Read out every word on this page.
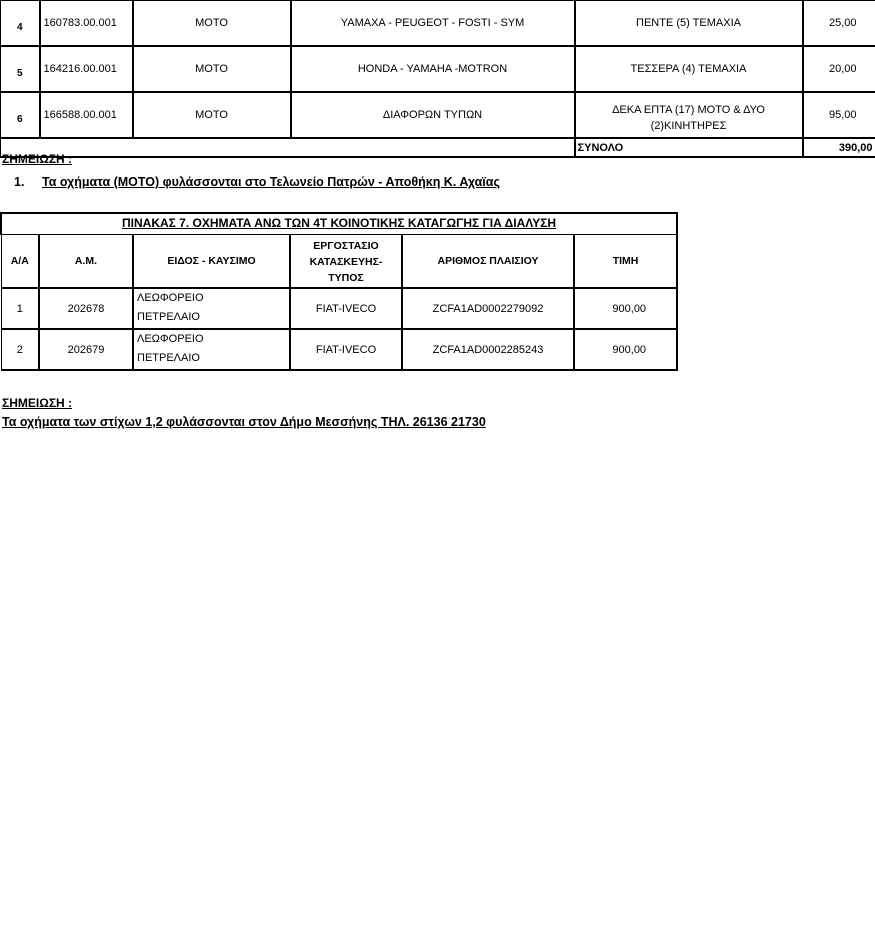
4	160783.00.001	ΜΟΤΟ	YAMAXA - PEUGEOT - FOSTI - SYM	ΠΕΝΤΕ (5) ΤΕΜΑΧΙΑ	25,00
5	164216.00.001	ΜΟΤΟ	HONDA - YAMAHA -MOTRON	ΤΕΣΣΕΡΑ (4) ΤΕΜΑΧΙΑ	20,00
6	166588.00.001	ΜΟΤΟ	ΔΙΑΦΟΡΩΝ ΤΥΠΩΝ	ΔΕΚΑ ΕΠΤΑ (17) ΜΟΤΟ & ΔΥΟ (2)ΚΙΝΗΤΗΡΕΣ	95,00
				ΣΥΝΟΛΟ	390,00

ΣΗΜΕΙΩΣΗ :

1. Τα οχήματα (ΜΟΤΟ) φυλάσσονται στο Τελωνείο Πατρών - Αποθήκη Κ. Αχαϊας

ΠΙΝΑΚΑΣ 7. ΟΧΗΜΑΤΑ ΑΝΩ ΤΩΝ 4Τ ΚΟΙΝΟΤΙΚΗΣ ΚΑΤΑΓΩΓΗΣ ΓΙΑ ΔΙΑΛΥΣΗ					
Α/Α	Α.Μ.	ΕΙΔΟΣ - ΚΑΥΣΙΜΟ	ΕΡΓΟΣΤΑΣΙΟ
ΚΑΤΑΣΚΕΥΗΣ-
ΤΥΠΟΣ	ΑΡΙΘΜΟΣ ΠΛΑΙΣΙΟΥ	ΤΙΜΗ
1	202678	ΛΕΩΦΟΡΕΙΟ
ΠΕΤΡΕΛΑΙΟ	FIAT-IVECO	ZCFA1AD0002279092	900,00
2	202679	ΛΕΩΦΟΡΕΙΟ
ΠΕΤΡΕΛΑΙΟ	FIAT-IVECO	ZCFA1AD0002285243	900,00

ΣΗΜΕΙΩΣΗ :

Τα οχήματα των στίχων 1,2 φυλάσσονται στον Δήμο Μεσσήνης ΤΗΛ. 26136 21730
